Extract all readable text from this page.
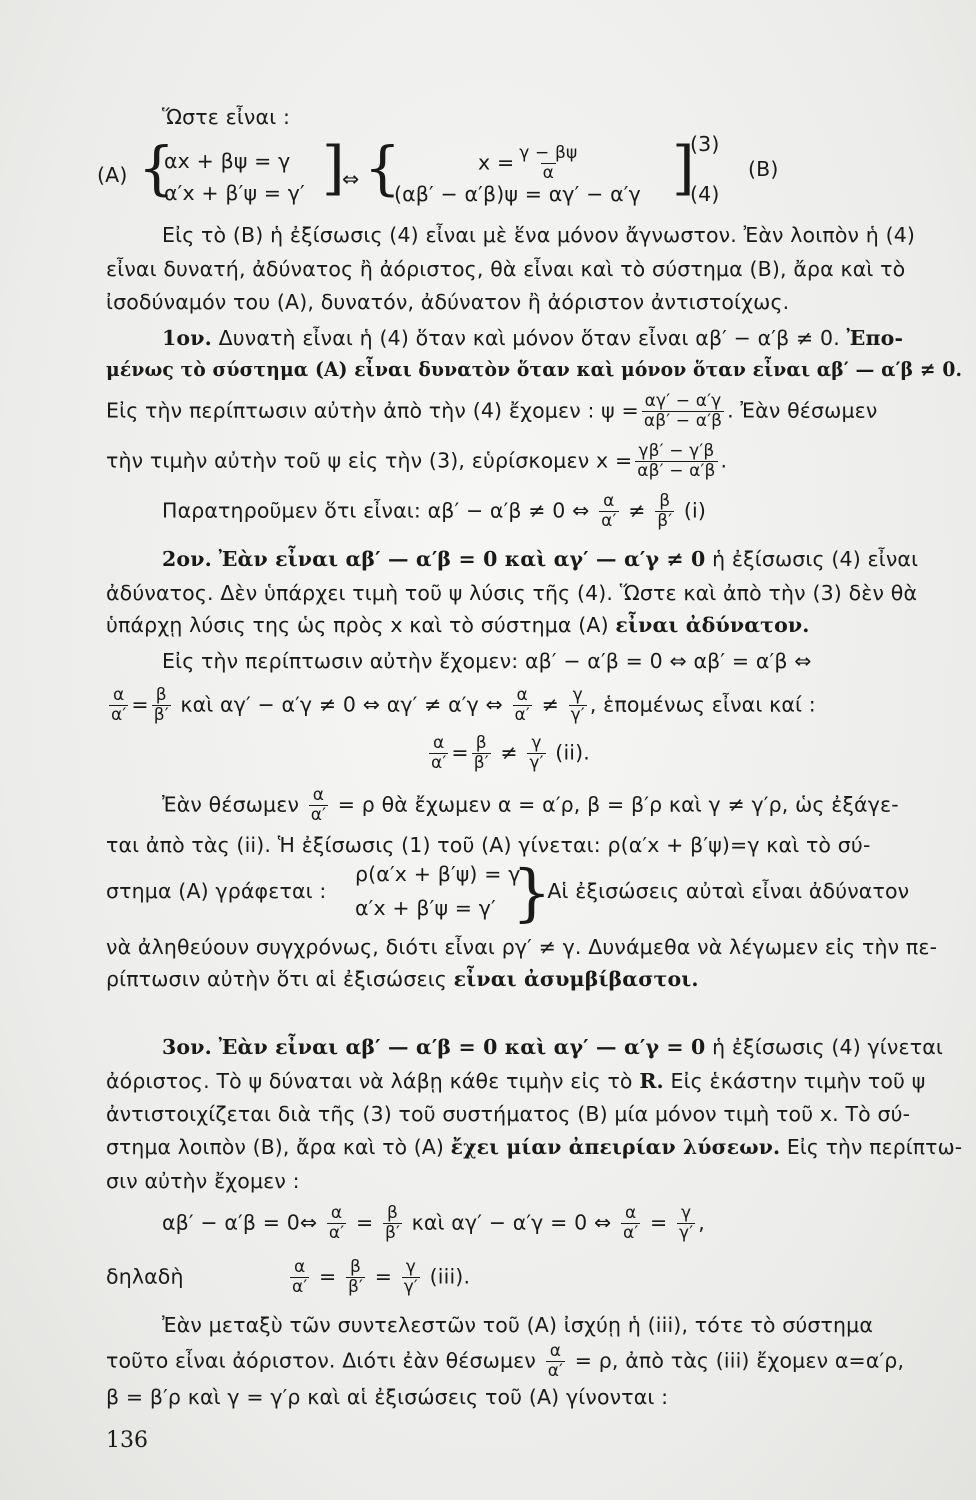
Ὥστε εἶναι :
(A) {
αx + βψ = γ
α′x + β′ψ = γ′ ]
⇔ {	$x = \frac{\gamma - \beta\psi}{\alpha}$
(αβ′ − α′β)ψ = αγ′ − α′γ ]
(3)
(4)
(B)
Εἰς τὸ (B) ἡ ἐξίσωσις (4) εἶναι μὲ ἕνα μόνον ἄγνωστον. Ἐὰν λοιπὸν ἡ (4)
εἶναι δυνατή, ἀδύνατος ἢ ἀόριστος, θὰ εἶναι καὶ τὸ σύστημα (B), ἄρα καὶ τὸ
ἰσοδύναμόν του (A), δυνατόν, ἀδύνατον ἢ ἀόριστον ἀντιστοίχως.
1ον. Δυνατὴ εἶναι ἡ (4) ὅταν καὶ μόνον ὅταν εἶναι αβ′ − α′β ≠ 0. Ἐπο-
μένως τὸ σύστημα (A) εἶναι δυνατὸν ὅταν καὶ μόνον ὅταν εἶναι αβ′ — α′β ≠ 0.
Εἰς τὴν περίπτωσιν αὐτὴν ἀπὸ τὴν (4) ἔχομεν : $\psi = \frac{\alpha\gamma' - \alpha'\gamma}{\alpha\beta' - \alpha'\beta}$ . Ἐὰν θέσωμεν
τὴν τιμὴν αὐτὴν τοῦ ψ εἰς τὴν (3), εὑρίσκομεν $x = \frac{\gamma\beta' - \gamma'\beta}{\alpha\beta' - \alpha'\beta}$ .
Παρατηροῦμεν ὅτι εἶναι: αβ′ − α′β ≠ 0 ⇔ $\frac{\alpha}{\alpha'} \ne \frac{\beta}{\beta'} (i)$
2ον. Ἐὰν εἶναι αβ′ — α′β = 0 καὶ αγ′ — α′γ ≠ 0 ἡ ἐξίσωσις (4) εἶναι
ἀδύνατος. Δὲν ὑπάρχει τιμὴ τοῦ ψ λύσις τῆς (4). Ὥστε καὶ ἀπὸ τὴν (3) δὲν θὰ
ὑπάρχῃ λύσις της ὡς πρὸς x καὶ τὸ σύστημα (A) εἶναι ἀδύνατον.
Εἰς τὴν περίπτωσιν αὐτὴν ἔχομεν: αβ′ − α′β = 0 ⇔ αβ′ = α′β ⇔
$\frac{\alpha}{\alpha'} = \frac{\beta}{\beta'}$ καὶ αγ′ − α′γ ≠ 0 ⇔ αγ′ ≠ α′γ ⇔ $\frac{\alpha}{\alpha'} \ne \frac{\gamma}{\gamma'}$ , ἑπομένως εἶναι καί :
$\frac{\alpha}{\alpha'} = \frac{\beta}{\beta'} \ne \frac{\gamma}{\gamma'} (ii)$.
Ἐὰν θέσωμεν $\frac{\alpha}{\alpha'} = \rho$ θὰ ἔχωμεν α = α′ρ, β = β′ρ καὶ γ ≠ γ′ρ, ὡς ἐξάγε-
ται ἀπὸ τὰς (ii). Ἡ ἐξίσωσις (1) τοῦ (A) γίνεται: ρ(α′x + β′ψ)=γ καὶ τὸ σύ-
στημα (A) γράφεται :
ρ(α′x + β′ψ) = γ
α′x + β′ψ = γ′ }
. Αἱ ἐξισώσεις αὐταὶ εἶναι ἀδύνατον
νὰ ἀληθεύουν συγχρόνως, διότι εἶναι ργ′ ≠ γ. Δυνάμεθα νὰ λέγωμεν εἰς τὴν πε-
ρίπτωσιν αὐτὴν ὅτι αἱ ἐξισώσεις εἶναι ἀσυμβίβαστοι.
3ον. Ἐὰν εἶναι αβ′ — α′β = 0 καὶ αγ′ — α′γ = 0 ἡ ἐξίσωσις (4) γίνεται
ἀόριστος. Τὸ ψ δύναται νὰ λάβῃ κάθε τιμὴν εἰς τὸ R. Εἰς ἑκάστην τιμὴν τοῦ ψ
ἀντιστοιχίζεται διὰ τῆς (3) τοῦ συστήματος (B) μία μόνον τιμὴ τοῦ x. Τὸ σύ-
στημα λοιπὸν (B), ἄρα καὶ τὸ (A) ἔχει μίαν ἀπειρίαν λύσεων. Εἰς τὴν περίπτω-
σιν αὐτὴν ἔχομεν :
αβ′ − α′β = 0⇔ $\frac{\alpha}{\alpha'} = \frac{\beta}{\beta'}$ καὶ αγ′ − α′γ = 0 ⇔ $\frac{\alpha}{\alpha'} = \frac{\gamma}{\gamma'}$ ,
δηλαδὴ	$\frac{\alpha}{\alpha'} = \frac{\beta}{\beta'} = \frac{\gamma}{\gamma'} (iii)$.
Ἐὰν μεταξὺ τῶν συντελεστῶν τοῦ (A) ἰσχύῃ ἡ (iii), τότε τὸ σύστημα
τοῦτο εἶναι ἀόριστον. Διότι ἐὰν θέσωμεν $\frac{\alpha}{\alpha'} = \rho$, ἀπὸ τὰς (iii) ἔχομεν α=α′ρ,
β = β′ρ καὶ γ = γ′ρ καὶ αἱ ἐξισώσεις τοῦ (A) γίνονται :
136
